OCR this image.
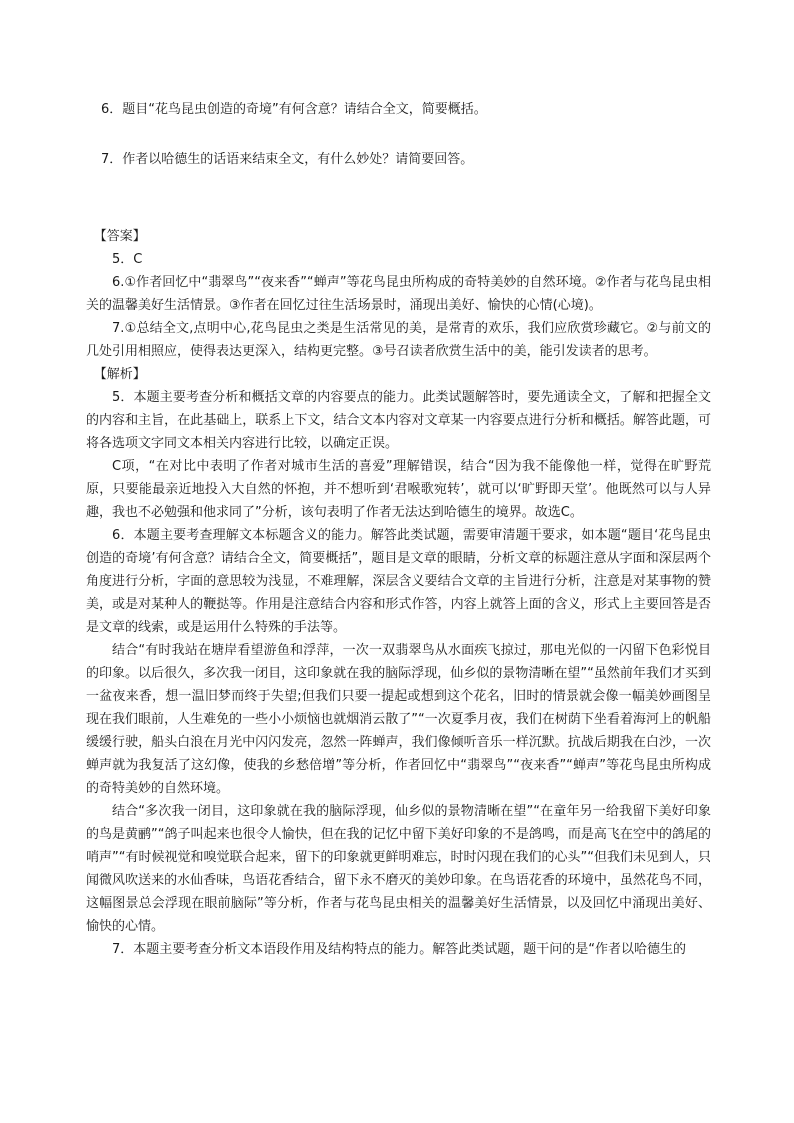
6．题目“花鸟昆虫创造的奇境”有何含意？请结合全文，简要概括。
7．作者以哈德生的话语来结束全文，有什么妙处？请简要回答。

【答案】

5．C

6.①作者回忆中“翡翠鸟”“夜来香”“蝉声”等花鸟昆虫所构成的奇特美妙的自然环境。②作者与花鸟昆虫相关的温馨美好生活情景。③作者在回忆过往生活场景时，涌现出美好、愉快的心情(心境)。

7.①总结全文,点明中心,花鸟昆虫之类是生活常见的美，是常青的欢乐，我们应欣赏珍藏它。②与前文的几处引用相照应，使得表达更深入，结构更完整。③号召读者欣赏生活中的美，能引发读者的思考。

【解析】

5．本题主要考查分析和概括文章的内容要点的能力。此类试题解答时，要先通读全文，了解和把握全文的内容和主旨，在此基础上，联系上下文，结合文本内容对文章某一内容要点进行分析和概括。解答此题，可将各选项文字同文本相关内容进行比较，以确定正误。

C项，“在对比中表明了作者对城市生活的喜爱”理解错误，结合“因为我不能像他一样，觉得在旷野荒原，只要能最亲近地投入大自然的怀抱，并不想听到‘君喉歌宛转’，就可以‘旷野即天堂’。他既然可以与人异趣，我也不必勉强和他求同了”分析，该句表明了作者无法达到哈德生的境界。故选C。

6．本题主要考查理解文本标题含义的能力。解答此类试题，需要审清题干要求，如本题“题目‘花鸟昆虫创造的奇境’有何含意？请结合全文，简要概括”，题目是文章的眼睛，分析文章的标题注意从字面和深层两个角度进行分析，字面的意思较为浅显，不难理解，深层含义要结合文章的主旨进行分析，注意是对某事物的赞美，或是对某种人的鞭挞等。作用是注意结合内容和形式作答，内容上就答上面的含义，形式上主要回答是否是文章的线索，或是运用什么特殊的手法等。

结合“有时我站在塘岸看望游鱼和浮萍，一次一双翡翠鸟从水面疾飞掠过，那电光似的一闪留下色彩悦目的印象。以后很久，多次我一闭目，这印象就在我的脑际浮现，仙乡似的景物清晰在望”“虽然前年我们才买到一盆夜来香，想一温旧梦而终于失望;但我们只要一提起或想到这个花名，旧时的情景就会像一幅美妙画图呈现在我们眼前，人生难免的一些小小烦恼也就烟消云散了”“一次夏季月夜，我们在树荫下坐看着海河上的帆船缓缓行驶，船头白浪在月光中闪闪发亮，忽然一阵蝉声，我们像倾听音乐一样沉默。抗战后期我在白沙，一次蝉声就为我复活了这幻像，使我的乡愁倍增”等分析，作者回忆中“翡翠鸟”“夜来香”“蝉声”等花鸟昆虫所构成的奇特美妙的自然环境。

结合“多次我一闭目，这印象就在我的脑际浮现，仙乡似的景物清晰在望”“在童年另一给我留下美好印象的鸟是黄鹂”“鸽子叫起来也很令人愉快，但在我的记忆中留下美好印象的不是鸽鸣，而是高飞在空中的鸽尾的哨声”“有时候视觉和嗅觉联合起来，留下的印象就更鲜明难忘，时时闪现在我们的心头”“但我们未见到人，只闻微风吹送来的水仙香味，鸟语花香结合，留下永不磨灭的美妙印象。在鸟语花香的环境中，虽然花鸟不同，这幅图景总会浮现在眼前脑际”等分析，作者与花鸟昆虫相关的温馨美好生活情景，以及回忆中涌现出美好、愉快的心情。

7．本题主要考查分析文本语段作用及结构特点的能力。解答此类试题，题干问的是“作者以哈德生的
